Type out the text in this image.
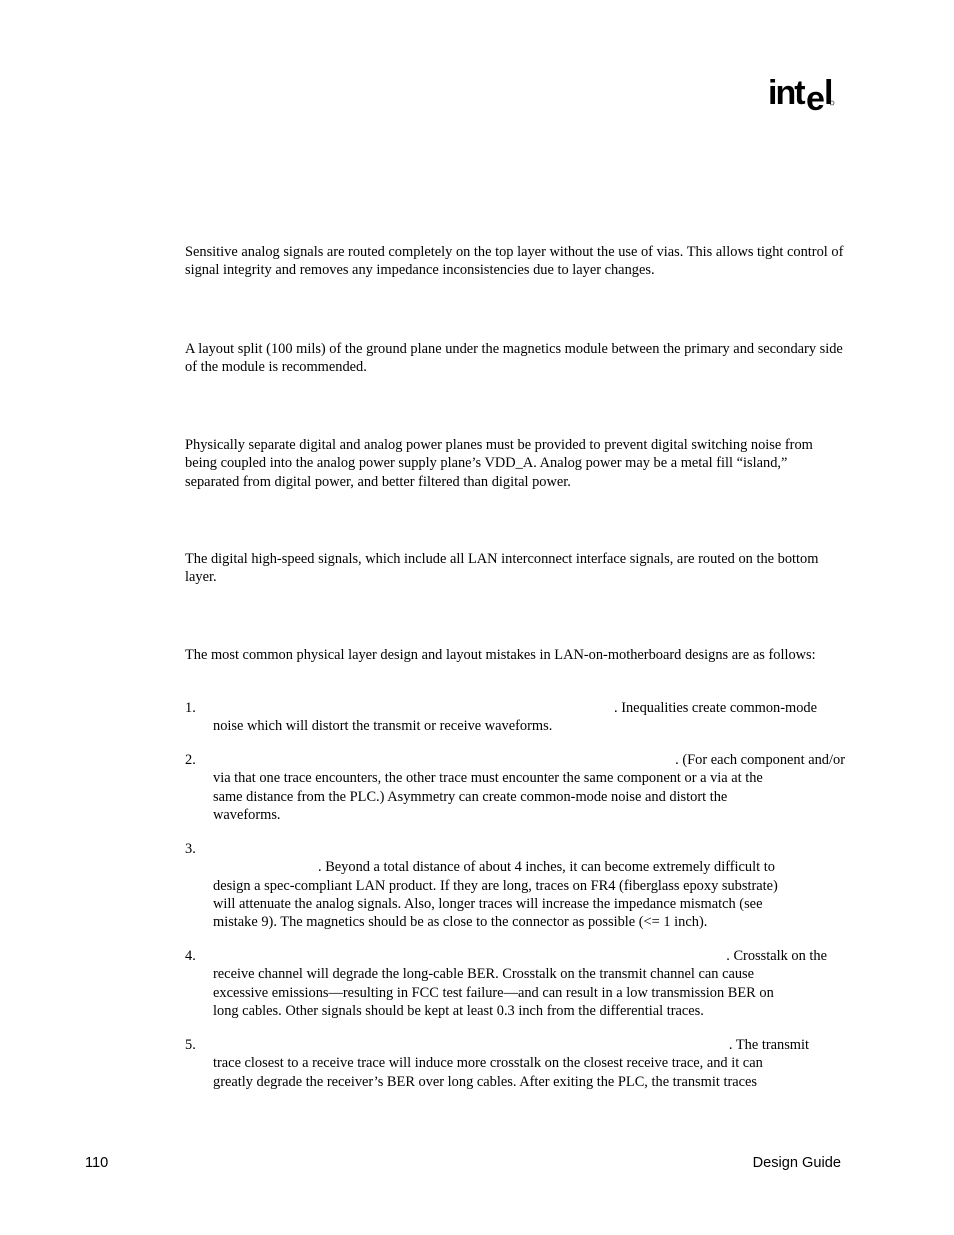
int e l

Sensitive analog signals are routed completely on the top layer without the use of vias. This allows tight control of signal integrity and removes any impedance inconsistencies due to layer changes.

A layout split (100 mils) of the ground plane under the magnetics module between the primary and secondary side of the module is recommended.

Physically separate digital and analog power planes must be provided to prevent digital switching noise from being coupled into the analog power supply plane’s VDD_A. Analog power may be a metal fill “island,” separated from digital power, and better filtered than digital power.

The digital high-speed signals, which include all LAN interconnect interface signals, are routed on the bottom layer.

The most common physical layer design and layout mistakes in LAN-on-motherboard designs are as follows:

1.	. Inequalities create common-mode
noise which will distort the transmit or receive waveforms.
2.	. (For each component and/or
via that one trace encounters, the other trace must encounter the same component or a via at the
same distance from the PLC.) Asymmetry can create common-mode noise and distort the
waveforms.
3.

. Beyond a total distance of about 4 inches, it can become extremely difficult to
design a spec-compliant LAN product. If they are long, traces on FR4 (fiberglass epoxy substrate)
will attenuate the analog signals. Also, longer traces will increase the impedance mismatch (see
mistake 9). The magnetics should be as close to the connector as possible (<= 1 inch).
4.	. Crosstalk on the
receive channel will degrade the long-cable BER. Crosstalk on the transmit channel can cause
excessive emissions—resulting in FCC test failure—and can result in a low transmission BER on
long cables. Other signals should be kept at least 0.3 inch from the differential traces.
5.	. The transmit
trace closest to a receive trace will induce more crosstalk on the closest receive trace, and it can
greatly degrade the receiver’s BER over long cables. After exiting the PLC, the transmit traces
110	Design Guide
